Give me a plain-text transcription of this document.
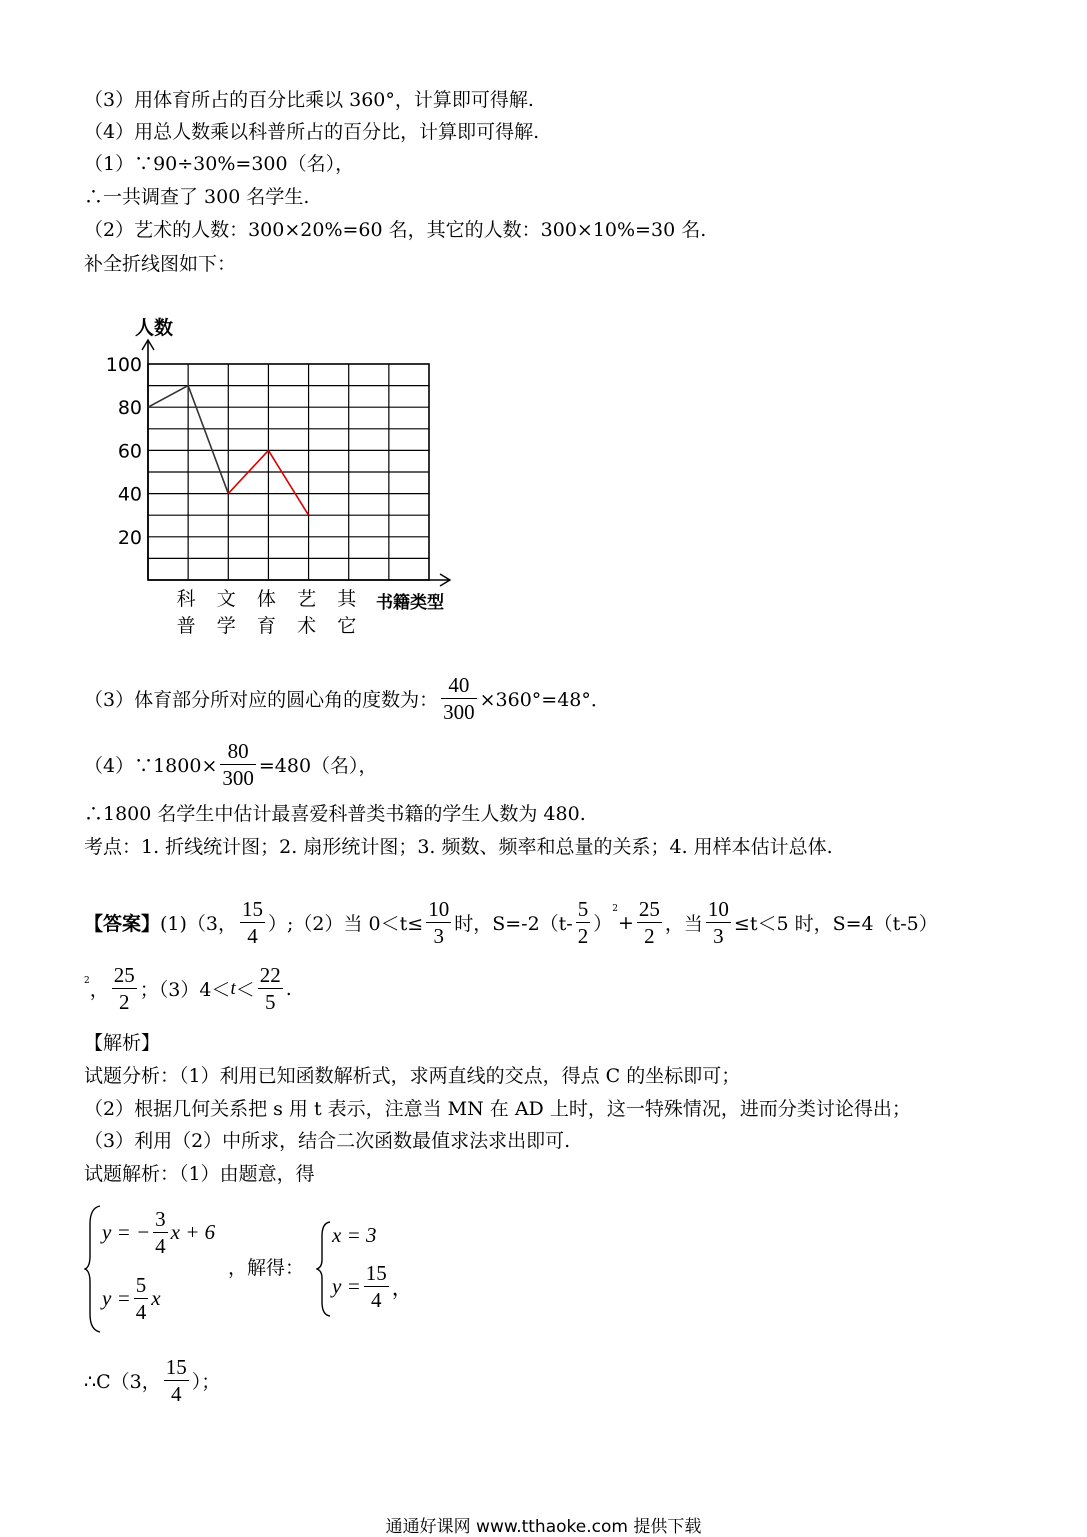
（3）用体育所占的百分比乘以 360°，计算即可得解.
（4）用总人数乘以科普所占的百分比，计算即可得解.
（1）∵90÷30%=300（名），
∴一共调查了 300 名学生.
（2）艺术的人数：300×20%=60 名，其它的人数：300×10%=30 名.
补全折线图如下：
人数
书籍类型
20
40
60
80
100
科
普
文
学
体
育
艺
术
其
它
（3）体育部分所对应的圆心角的度数为： $\frac{40}{300} \times 360^\circ=48^\circ$．
（4）∵1800× $\frac{80}{300} =480$（名），
∴1800 名学生中估计最喜爱科普类书籍的学生人数为 480.
考点：1. 折线统计图；2. 扇形统计图；3. 频数、频率和总量的关系；4. 用样本估计总体.
【答案】 (1)（3， $\frac{15}{4}$ ）;（2）当 $0<t\le \frac{10}{3}$ 时，$S=-2(t- \frac{5}{2}$ ）
2
+ $\frac{25}{2}$ ，当 $\frac{10}{3} \le t<5$ 时，S=4（t-5）
2 ， $\frac{25}{2}$ ；$(3)4< t < \frac{22}{5}$ .
【解析】
试题分析：（1）利用已知函数解析式，求两直线的交点，得点 C 的坐标即可；
（2）根据几何关系把 s 用 t 表示，注意当 MN 在 AD 上时，这一特殊情况，进而分类讨论得出；
（3）利用（2）中所求，结合二次函数最值求法求出即可.
试题解析：（1）由题意，得
y = − $\frac{3}{4}$ x + 6
$y = \frac{5}{4}$ x
，解得：
x = 3
$y = \frac{15}{4}$ ，
∴C（3， $\frac{15}{4}$ ）；
通通好课网 www.tthaoke.com 提供下载
